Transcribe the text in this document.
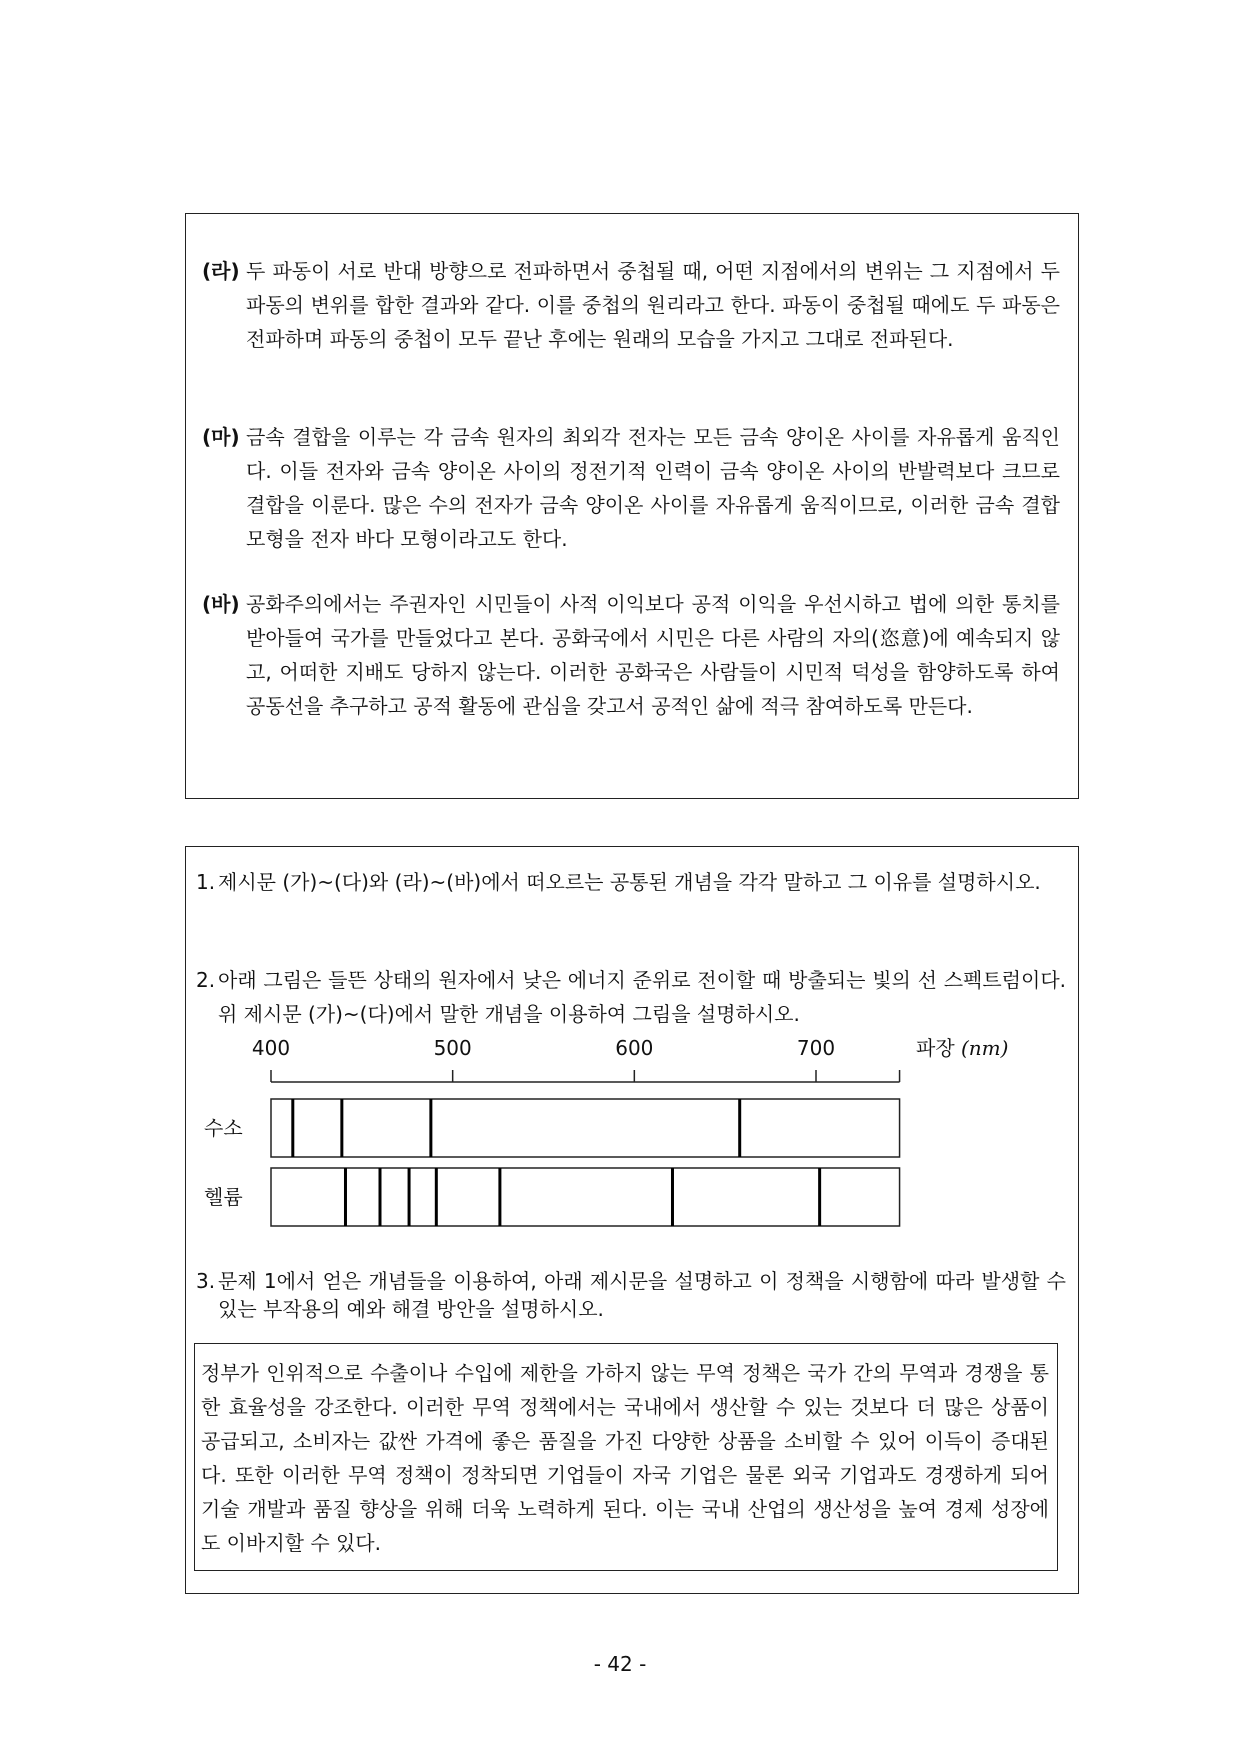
(라) 두 파동이 서로 반대 방향으로 전파하면서 중첩될 때, 어떤 지점에서의 변위는 그 지점에서 두 파동의 변위를 합한 결과와 같다. 이를 중첩의 원리라고 한다. 파동이 중첩될 때에도 두 파동은 전파하며 파동의 중첩이 모두 끝난 후에는 원래의 모습을 가지고 그대로 전파된다.
(마) 금속 결합을 이루는 각 금속 원자의 최외각 전자는 모든 금속 양이온 사이를 자유롭게 움직인다. 이들 전자와 금속 양이온 사이의 정전기적 인력이 금속 양이온 사이의 반발력보다 크므로 결합을 이룬다. 많은 수의 전자가 금속 양이온 사이를 자유롭게 움직이므로, 이러한 금속 결합 모형을 전자 바다 모형이라고도 한다.
(바) 공화주의에서는 주권자인 시민들이 사적 이익보다 공적 이익을 우선시하고 법에 의한 통치를 받아들여 국가를 만들었다고 본다. 공화국에서 시민은 다른 사람의 자의(恣意)에 예속되지 않고, 어떠한 지배도 당하지 않는다. 이러한 공화국은 사람들이 시민적 덕성을 함양하도록 하여 공동선을 추구하고 공적 활동에 관심을 갖고서 공적인 삶에 적극 참여하도록 만든다.
1. 제시문 (가)~(다)와 (라)~(바)에서 떠오르는 공통된 개념을 각각 말하고 그 이유를 설명하시오.
2. 아래 그림은 들뜬 상태의 원자에서 낮은 에너지 준위로 전이할 때 방출되는 빛의 선 스펙트럼이다. 위 제시문 (가)~(다)에서 말한 개념을 이용하여 그림을 설명하시오.
400	500	600	700	파장 (nm)
수소
헬륨
3. 문제 1에서 얻은 개념들을 이용하여, 아래 제시문을 설명하고 이 정책을 시행함에 따라 발생할 수 있는 부작용의 예와 해결 방안을 설명하시오.
정부가 인위적으로 수출이나 수입에 제한을 가하지 않는 무역 정책은 국가 간의 무역과 경쟁을 통한 효율성을 강조한다. 이러한 무역 정책에서는 국내에서 생산할 수 있는 것보다 더 많은 상품이 공급되고, 소비자는 값싼 가격에 좋은 품질을 가진 다양한 상품을 소비할 수 있어 이득이 증대된다. 또한 이러한 무역 정책이 정착되면 기업들이 자국 기업은 물론 외국 기업과도 경쟁하게 되어 기술 개발과 품질 향상을 위해 더욱 노력하게 된다. 이는 국내 산업의 생산성을 높여 경제 성장에도 이바지할 수 있다.
- 42 -
